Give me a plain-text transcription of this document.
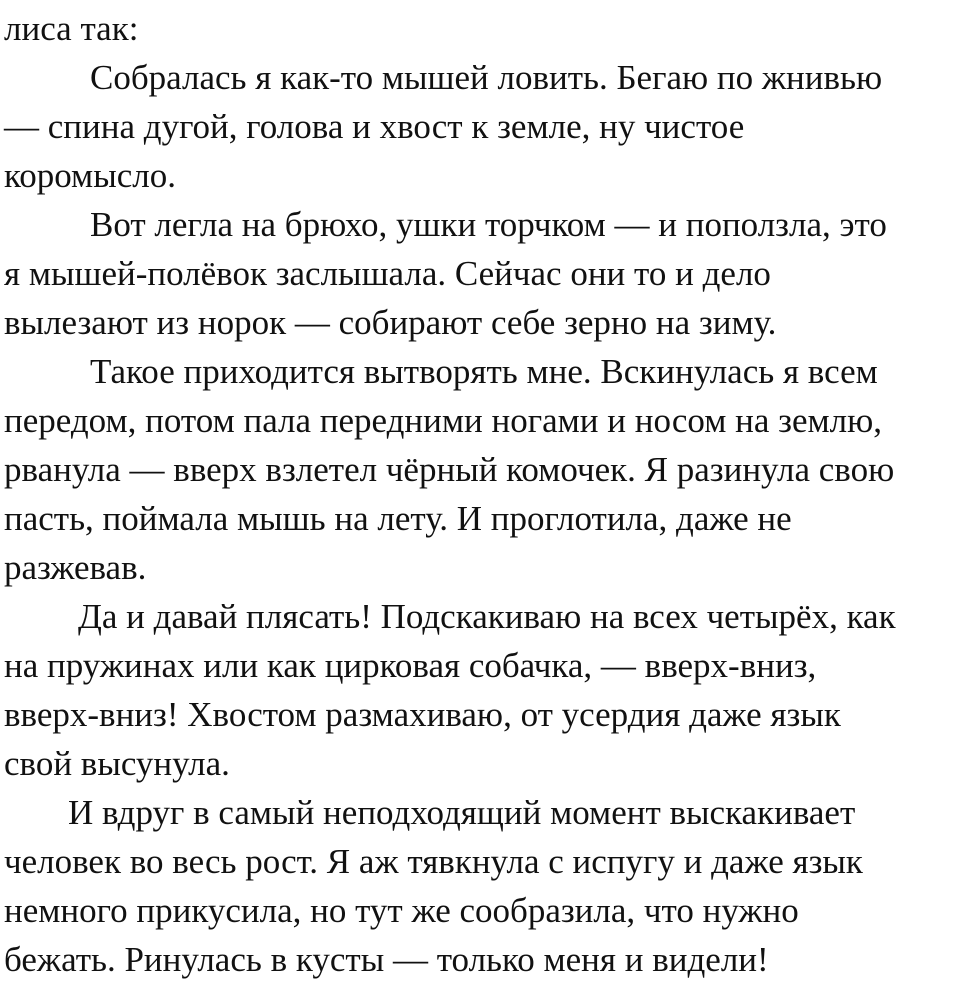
лиса так:
Собралась я как-то мышей ловить. Бегаю по жнивью
— спина дугой, голова и хвост к земле, ну чистое
коромысло.
Вот легла на брюхо, ушки торчком — и поползла, это
я мышей-полёвок заслышала. Сейчас они то и дело
вылезают из норок — собирают себе зерно на зиму.
Такое приходится вытворять мне. Вскинулась я всем
передом, потом пала передними ногами и носом на землю,
рванула — вверх взлетел чёрный комочек. Я разинула свою
пасть, поймала мышь на лету. И проглотила, даже не
разжевав.
Да и давай плясать! Подскакиваю на всех четырёх, как
на пружинах или как цирковая собачка, — вверх-вниз,
вверх-вниз! Хвостом размахиваю, от усердия даже язык
свой высунула.
И вдруг в самый неподходящий момент выскакивает
человек во весь рост. Я аж тявкнула с испугу и даже язык
немного прикусила, но тут же сообразила, что нужно
бежать. Ринулась в кусты — только меня и видели!
